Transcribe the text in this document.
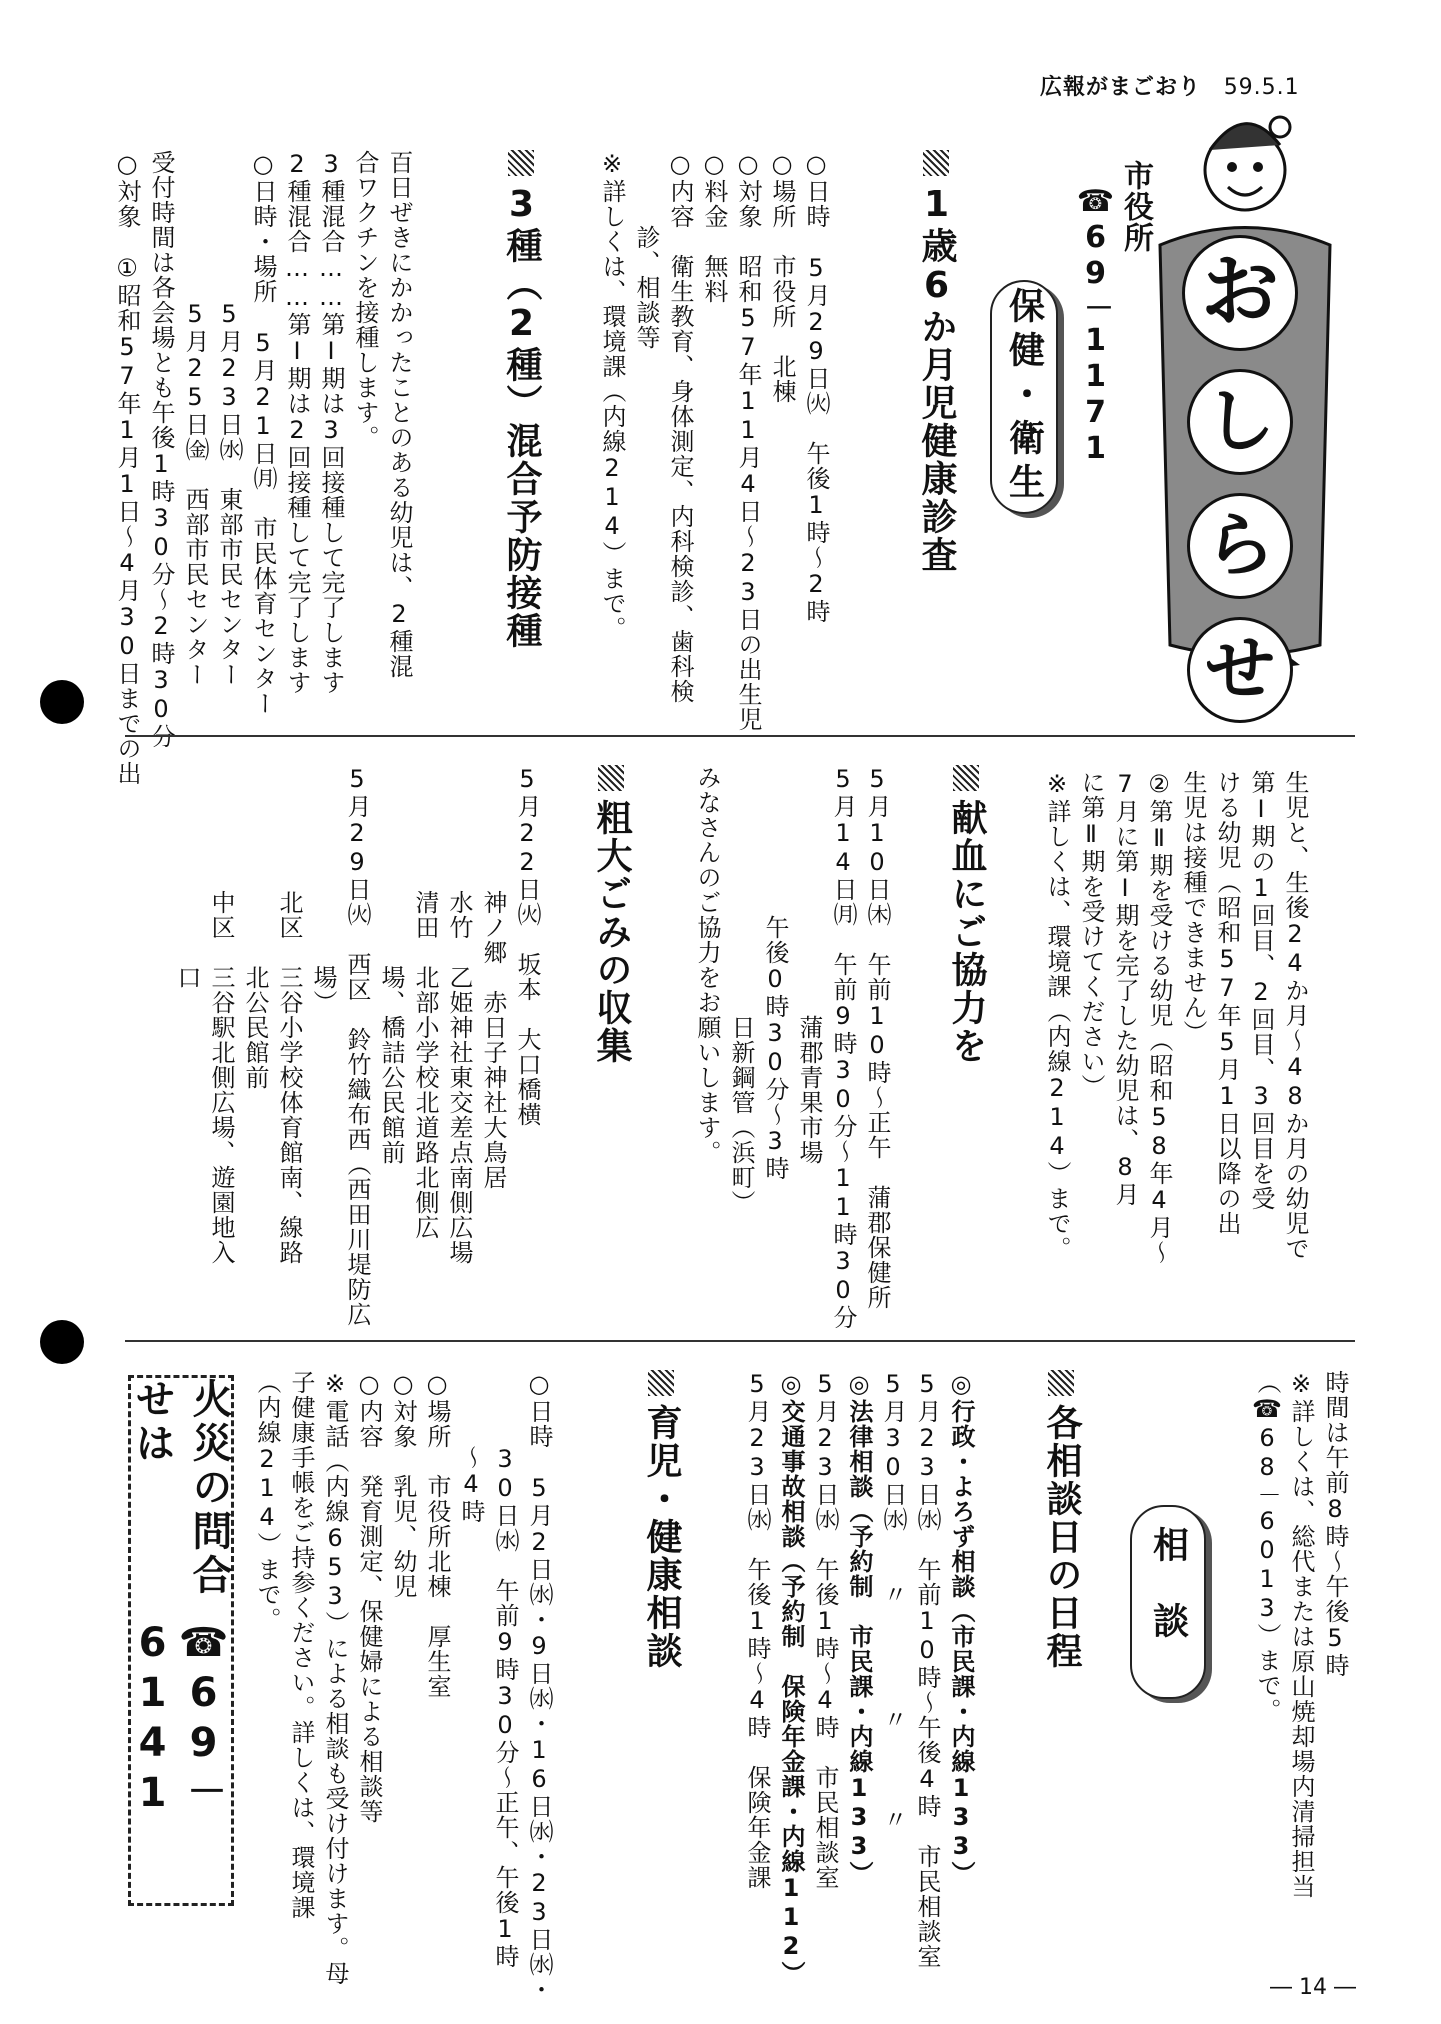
広報がまごおり 59.5.1
お
し
ら
せ
市役所
☎69－1171
保健・衛生
1歳6か月児健康診査
○日時　5月29日㈫　午後1時～2時
○場所　市役所　北棟
○対象　昭和57年11月4日～23日の出生児
○料金　無料
○内容　衛生教育、身体測定、内科検診、歯科検
　　　診、相談等
※詳しくは、環境課（内線214）まで。
3種（2種）混合予防接種
百日ぜきにかかったことのある幼児は、2種混
合ワクチンを接種します。
3種混合……第Ⅰ期は3回接種して完了します
2種混合……第Ⅰ期は2回接種して完了します
○日時・場所　5月21日㈪　市民体育センター
　　　　　　5月23日㈬　東部市民センター
　　　　　　5月25日㈮　西部市民センター
受付時間は各会場とも午後1時30分～2時30分
○対象　①昭和57年1月1日～4月30日までの出
生児と、生後24か月～48か月の幼児で
第Ⅰ期の1回目、2回目、3回目を受
ける幼児（昭和57年5月1日以降の出
生児は接種できません）
②第Ⅱ期を受ける幼児（昭和58年4月～
7月に第Ⅰ期を完了した幼児は、8月
に第Ⅱ期を受けてください）
※詳しくは、環境課（内線214）まで。
献血にご協力を
5月10日㈭　午前10時～正午　蒲郡保健所
5月14日㈪　午前9時30分～11時30分
　　　　　　　　　　蒲郡青果市場
　　　　　　午後0時30分～3時
　　　　　　　　　　日新鋼管（浜町）
みなさんのご協力をお願いします。
粗大ごみの収集
5月22日㈫　坂本　大口橋横
　　　　　神ノ郷　赤日子神社大鳥居
　　　　　水竹　乙姫神社東交差点南側広場
　　　　　清田　北部小学校北道路北側広
　　　　　　　　場、橋詰公民館前
5月29日㈫　西区　鈴竹織布西（西田川堤防広
　　　　　　　　場）
　　　　　北区　三谷小学校体育館南、線路
　　　　　　　　北公民館前
　　　　　中区　三谷駅北側広場、遊園地入
　　　　　　　　口
時間は午前8時～午後5時
※詳しくは、総代または原山焼却場内清掃担当
（☎68－6013）まで。
相談
各相談日の日程
◎行政・よろず相談（市民課・内線133）
5月23日㈬　午前10時～午後4時　市民相談室
5月30日㈬　　〃　　　　〃　　　〃
◎法律相談（予約制　市民課・内線133）
5月23日㈬　午後1時～4時　市民相談室
◎交通事故相談（予約制　保険年金課・内線112）
5月23日㈬　午後1時～4時　保険年金課
育児・健康相談
○日時　5月2日㈬・9日㈬・16日㈬・23日㈬・
　　　30日㈬　午前9時30分～正午、午後1時
　　　～4時
○場所　市役所北棟　厚生室
○対象　乳児、幼児
○内容　発育測定、保健婦による相談等
※電話（内線653）による相談も受け付けます。母
子健康手帳をご持参ください。詳しくは、環境課
（内線214）まで。
火災の問合せは
☎69－6141
― 14 ―
